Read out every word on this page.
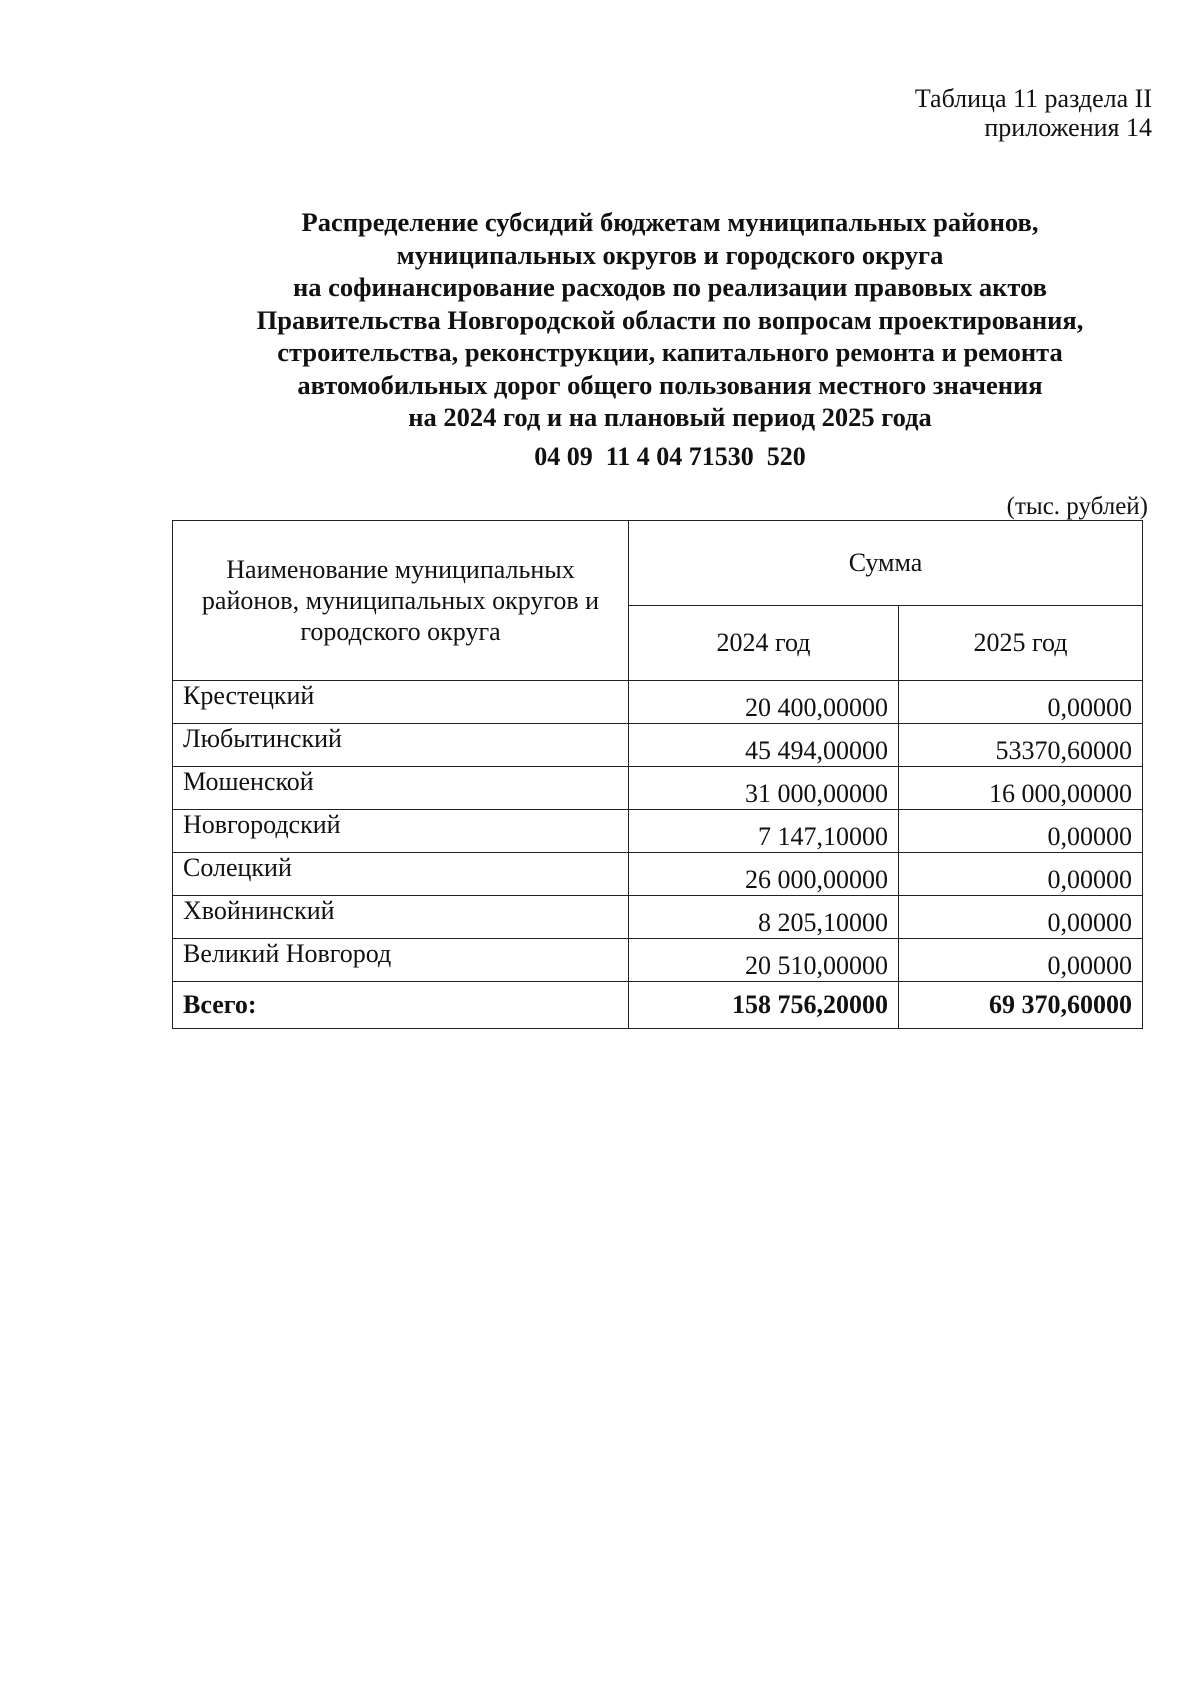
Таблица 11 раздела II
приложения 14
Распределение субсидий бюджетам муниципальных районов,
муниципальных округов и городского округа
на софинансирование расходов по реализации правовых актов
Правительства Новгородской области по вопросам проектирования,
строительства, реконструкции, капитального ремонта и ремонта
автомобильных дорог общего пользования местного значения
на 2024 год и на плановый период 2025 года
04 09  11 4 04 71530  520
(тыс. рублей)
Наименование муниципальных районов, муниципальных округов и городского округа	Сумма	
	2024 год	2025 год
Крестецкий	20 400,00000	0,00000
Любытинский	45 494,00000	53370,60000
Мошенской	31 000,00000	16 000,00000
Новгородский	7 147,10000	0,00000
Солецкий	26 000,00000	0,00000
Хвойнинский	8 205,10000	0,00000
Великий Новгород	20 510,00000	0,00000
Всего:	158 756,20000	69 370,60000
